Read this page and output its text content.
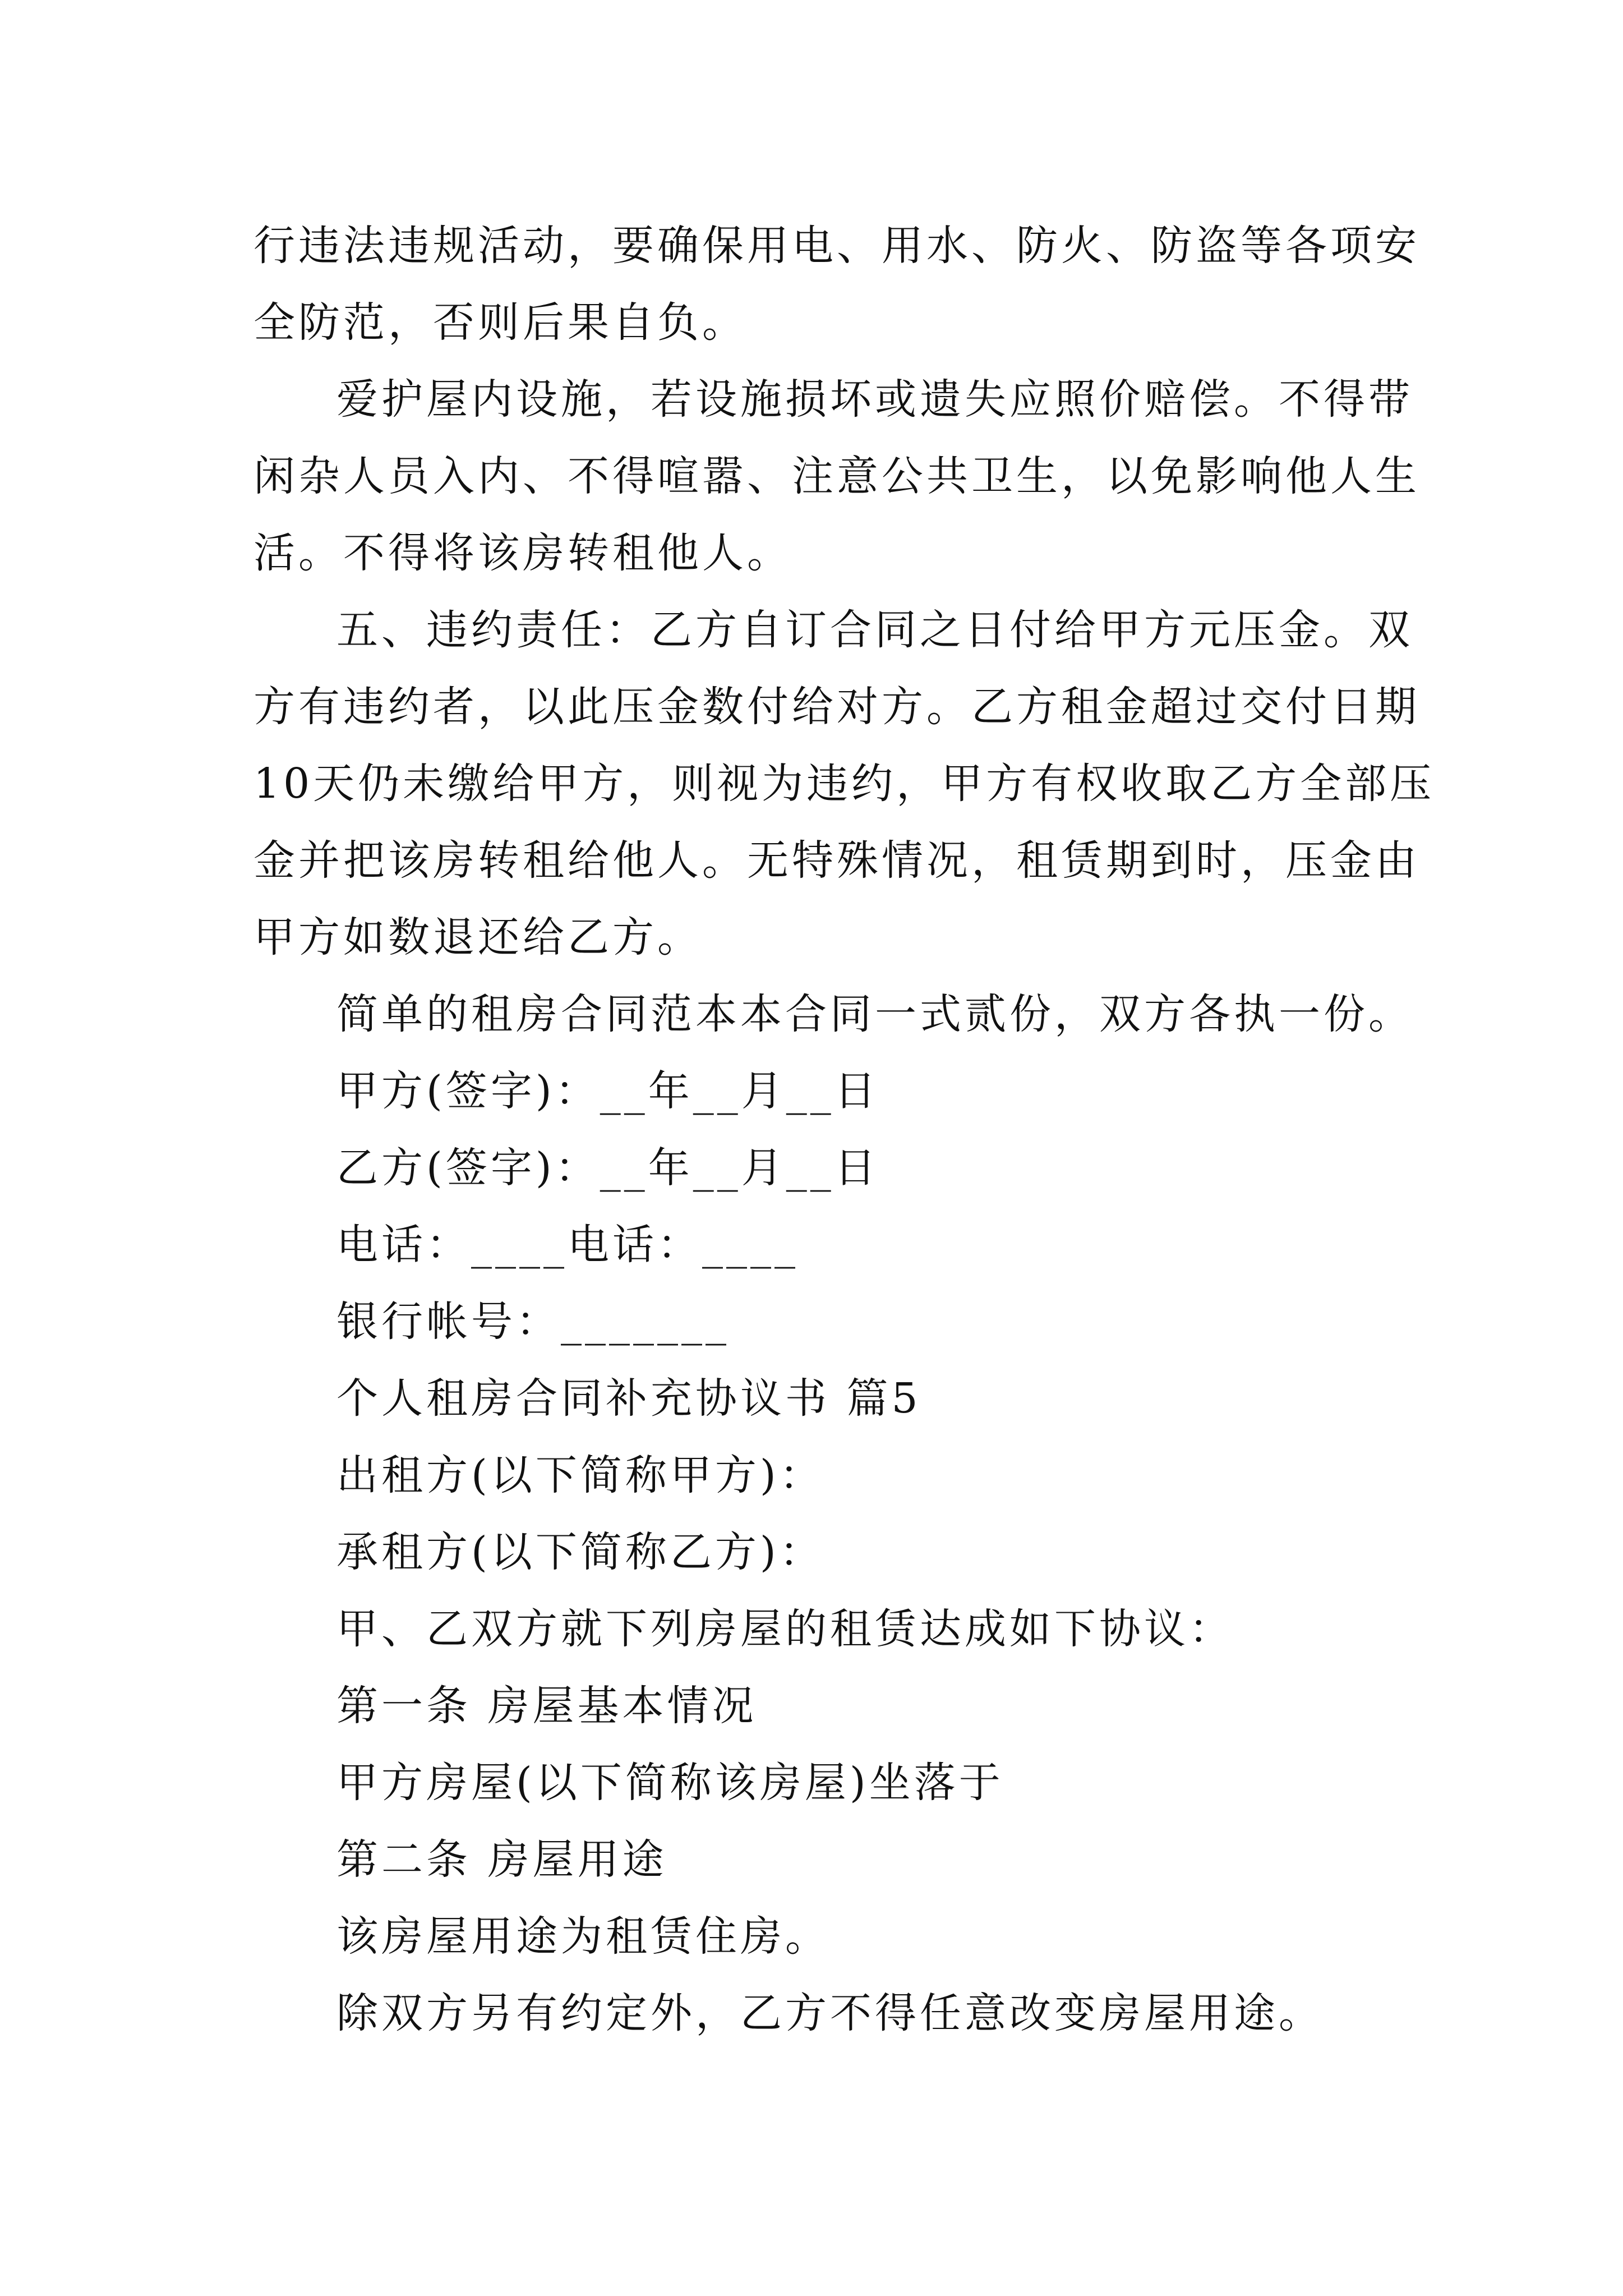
行违法违规活动，要确保用电、用水、防火、防盗等各项安
全防范，否则后果自负。
爱护屋内设施，若设施损坏或遗失应照价赔偿。不得带
闲杂人员入内、不得喧嚣、注意公共卫生，以免影响他人生
活。不得将该房转租他人。
五、违约责任：乙方自订合同之日付给甲方元压金。双
方有违约者，以此压金数付给对方。乙方租金超过交付日期
10天仍未缴给甲方，则视为违约，甲方有权收取乙方全部压
金并把该房转租给他人。无特殊情况，租赁期到时，压金由
甲方如数退还给乙方。
简单的租房合同范本本合同一式贰份，双方各执一份。
甲方(签字)：__年__月__日
乙方(签字)：__年__月__日
电话：____电话：____
银行帐号：_______
个人租房合同补充协议书 篇5
出租方(以下简称甲方)：
承租方(以下简称乙方)：
甲、乙双方就下列房屋的租赁达成如下协议：
第一条 房屋基本情况
甲方房屋(以下简称该房屋)坐落于
第二条 房屋用途
该房屋用途为租赁住房。
除双方另有约定外，乙方不得任意改变房屋用途。
